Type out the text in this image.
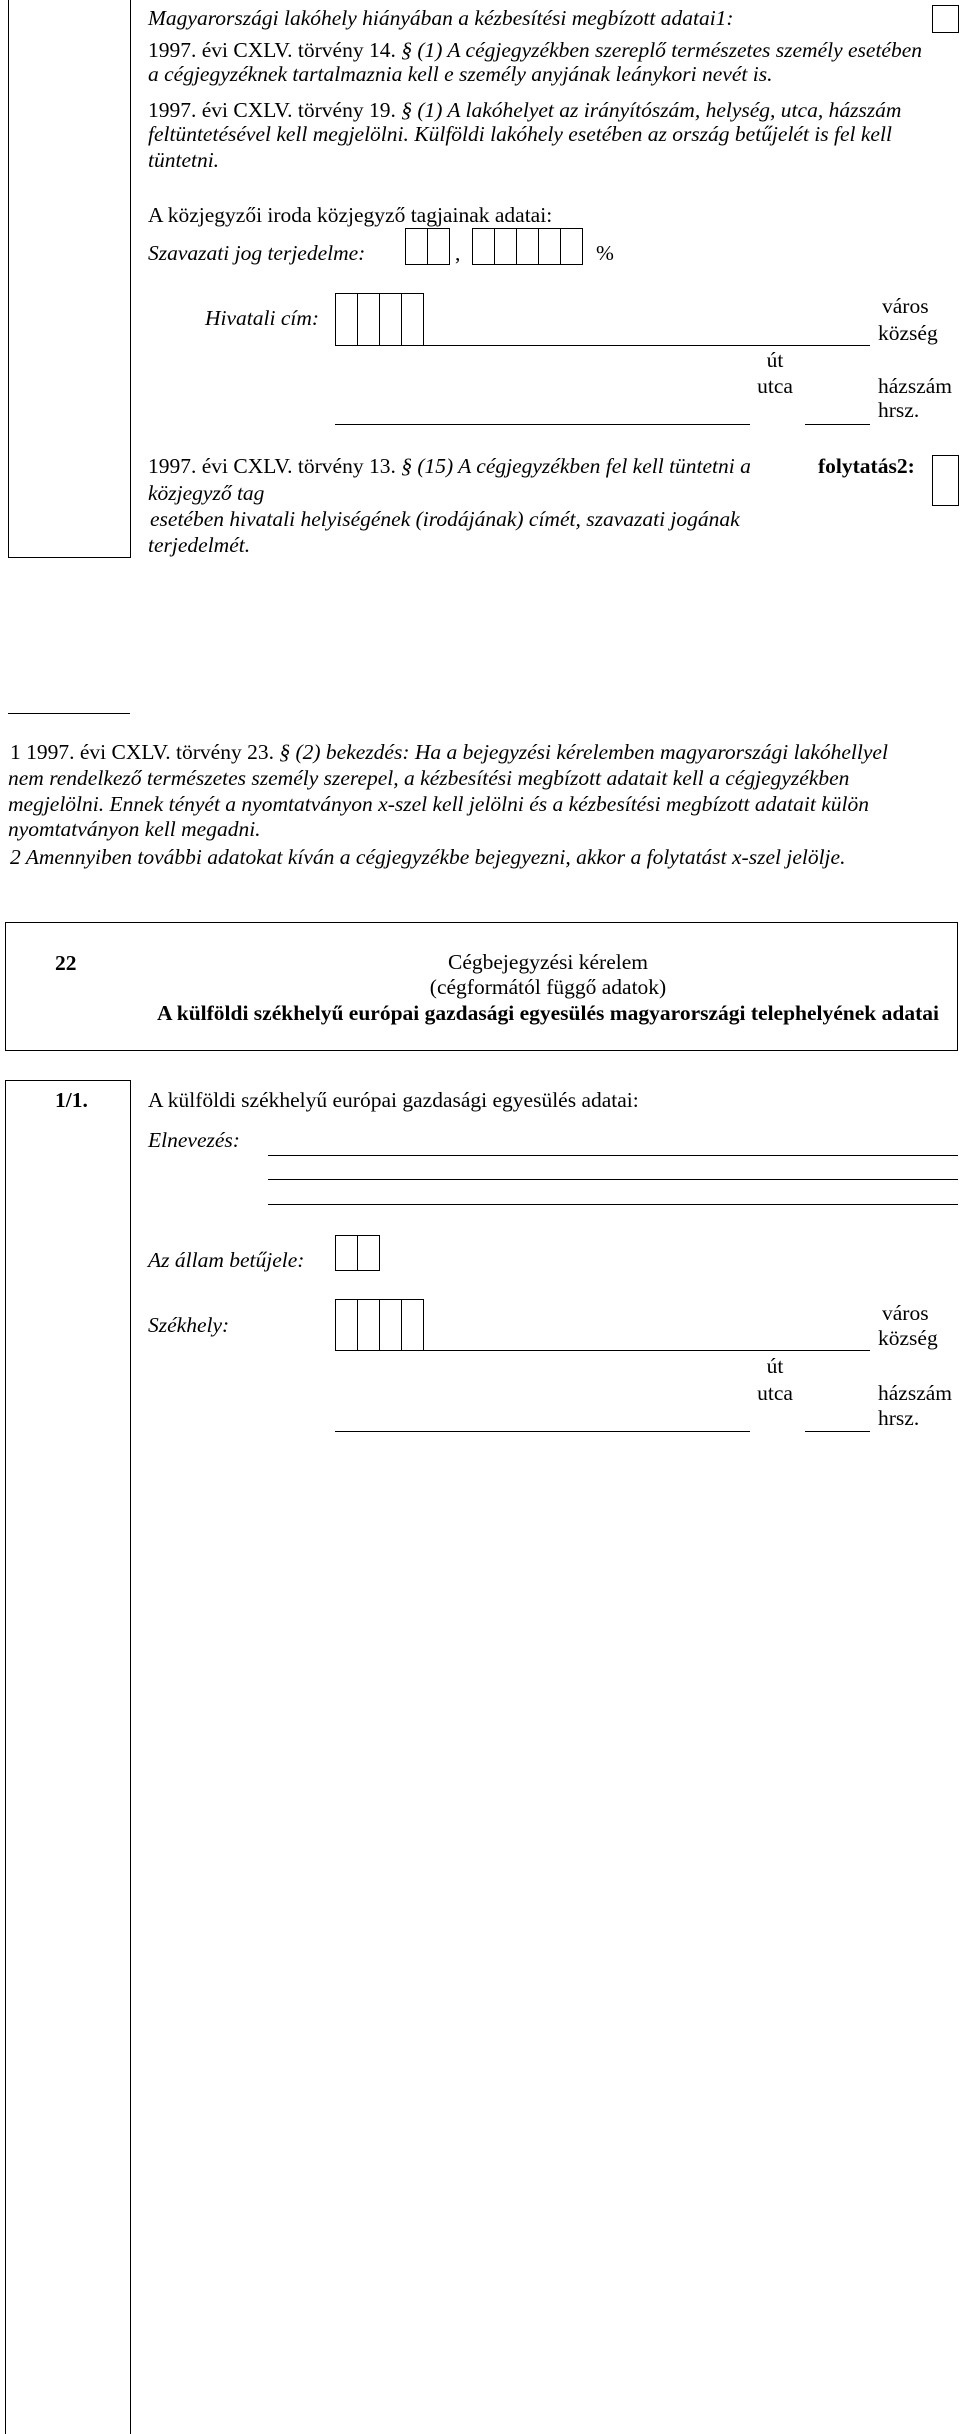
Magyarországi lakóhely hiányában a kézbesítési megbízott adatai1:
1997. évi CXLV. törvény 14. § (1) A cégjegyzékben szereplő természetes személy esetében
a cégjegyzéknek tartalmaznia kell e személy anyjának leánykori nevét is.
1997. évi CXLV. törvény 19. § (1) A lakóhelyet az irányítószám, helység, utca, házszám
feltüntetésével kell megjelölni. Külföldi lakóhely esetében az ország betűjelét is fel kell
tüntetni.
A közjegyzői iroda közjegyző tagjainak adatai:
Szavazati jog terjedelme:	,	%
Hivatali cím:	város
község
út
utca	házszám
hrsz.
1997. évi CXLV. törvény 13. § (15) A cégjegyzékben fel kell tüntetni a
közjegyző tag
esetében hivatali helyiségének (irodájának) címét, szavazati jogának
terjedelmét.
folytatás2:
1 1997. évi CXLV. törvény 23. § (2) bekezdés: Ha a bejegyzési kérelemben magyarországi lakóhellyel
nem rendelkező természetes személy szerepel, a kézbesítési megbízott adatait kell a cégjegyzékben
megjelölni. Ennek tényét a nyomtatványon x-szel kell jelölni és a kézbesítési megbízott adatait külön
nyomtatványon kell megadni.
2 Amennyiben további adatokat kíván a cégjegyzékbe bejegyezni, akkor a folytatást x-szel jelölje.
22	Cégbejegyzési kérelem
(cégformától függő adatok)
A külföldi székhelyű európai gazdasági egyesülés magyarországi telephelyének adatai
1/1.	A külföldi székhelyű európai gazdasági egyesülés adatai:
Elnevezés:
Az állam betűjele:
Székhely:	város
község
út
utca	házszám
hrsz.
